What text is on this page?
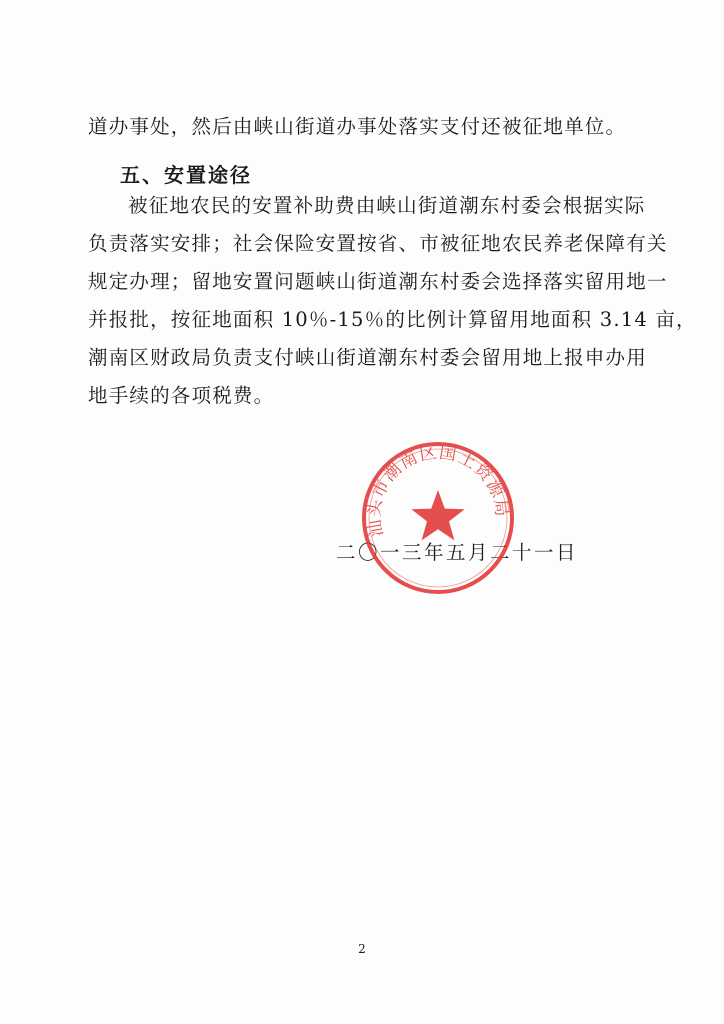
道办事处，然后由峡山街道办事处落实支付还被征地单位。
五、安置途径
被征地农民的安置补助费由峡山街道潮东村委会根据实际
负责落实安排；社会保险安置按省、市被征地农民养老保障有关
规定办理；留地安置问题峡山街道潮东村委会选择落实留用地一
并报批，按征地面积 10％-15％的比例计算留用地面积 3.14 亩，
潮南区财政局负责支付峡山街道潮东村委会留用地上报申办用
地手续的各项税费。
二〇一三年五月二十一日
汕头市潮南区国土资源局
2
